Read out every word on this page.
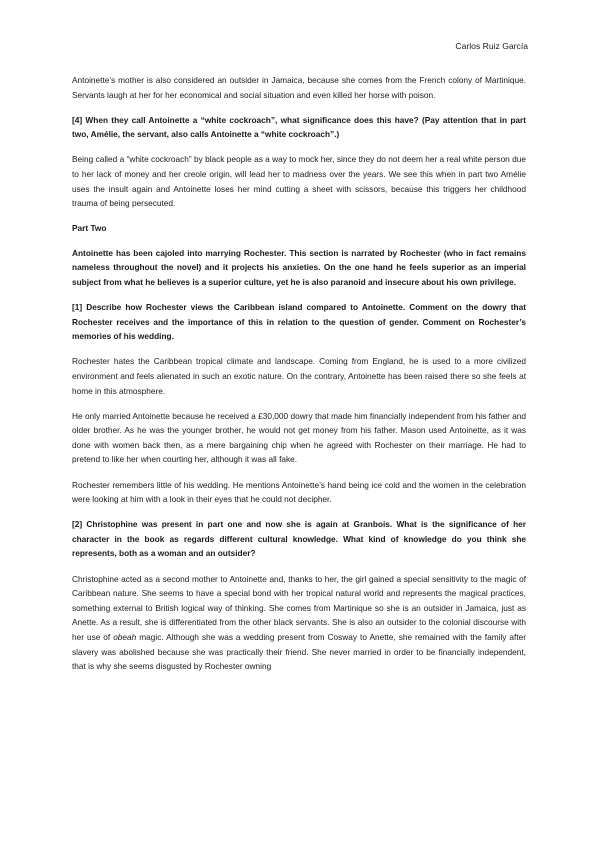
Carlos Ruiz García

Antoinette’s mother is also considered an outsider in Jamaica, because she comes from the French colony of Martinique. Servants laugh at her for her economical and social situation and even killed her horse with poison.

[4] When they call Antoinette a “white cockroach”, what significance does this have? (Pay attention that in part two, Amélie, the servant, also calls Antoinette a “white cockroach”.)

Being called a “white cockroach” by black people as a way to mock her, since they do not deem her a real white person due to her lack of money and her creole origin, will lead her to madness over the years. We see this when in part two Amélie uses the insult again and Antoinette loses her mind cutting a sheet with scissors, because this triggers her childhood trauma of being persecuted.

Part Two

Antoinette has been cajoled into marrying Rochester. This section is narrated by Rochester (who in fact remains nameless throughout the novel) and it projects his anxieties. On the one hand he feels superior as an imperial subject from what he believes is a superior culture, yet he is also paranoid and insecure about his own privilege.

[1] Describe how Rochester views the Caribbean island compared to Antoinette. Comment on the dowry that Rochester receives and the importance of this in relation to the question of gender. Comment on Rochester’s memories of his wedding.

Rochester hates the Caribbean tropical climate and landscape. Coming from England, he is used to a more civilized environment and feels alienated in such an exotic nature. On the contrary, Antoinette has been raised there so she feels at home in this atmosphere.

He only married Antoinette because he received a £30,000 dowry that made him financially independent from his father and older brother. As he was the younger brother, he would not get money from his father. Mason used Antoinette, as it was done with women back then, as a mere bargaining chip when he agreed with Rochester on their marriage. He had to pretend to like her when courting her, although it was all fake.

Rochester remembers little of his wedding. He mentions Antoinette’s hand being ice cold and the women in the celebration were looking at him with a look in their eyes that he could not decipher.

[2] Christophine was present in part one and now she is again at Granbois. What is the significance of her character in the book as regards different cultural knowledge. What kind of knowledge do you think she represents, both as a woman and an outsider?

Christophine acted as a second mother to Antoinette and, thanks to her, the girl gained a special sensitivity to the magic of Caribbean nature. She seems to have a special bond with her tropical natural world and represents the magical practices, something external to British logical way of thinking. She comes from Martinique so she is an outsider in Jamaica, just as Anette. As a result, she is differentiated from the other black servants. She is also an outsider to the colonial discourse with her use of obeah magic. Although she was a wedding present from Cosway to Anette, she remained with the family after slavery was abolished because she was practically their friend. She never married in order to be financially independent, that is why she seems disgusted by Rochester owning
